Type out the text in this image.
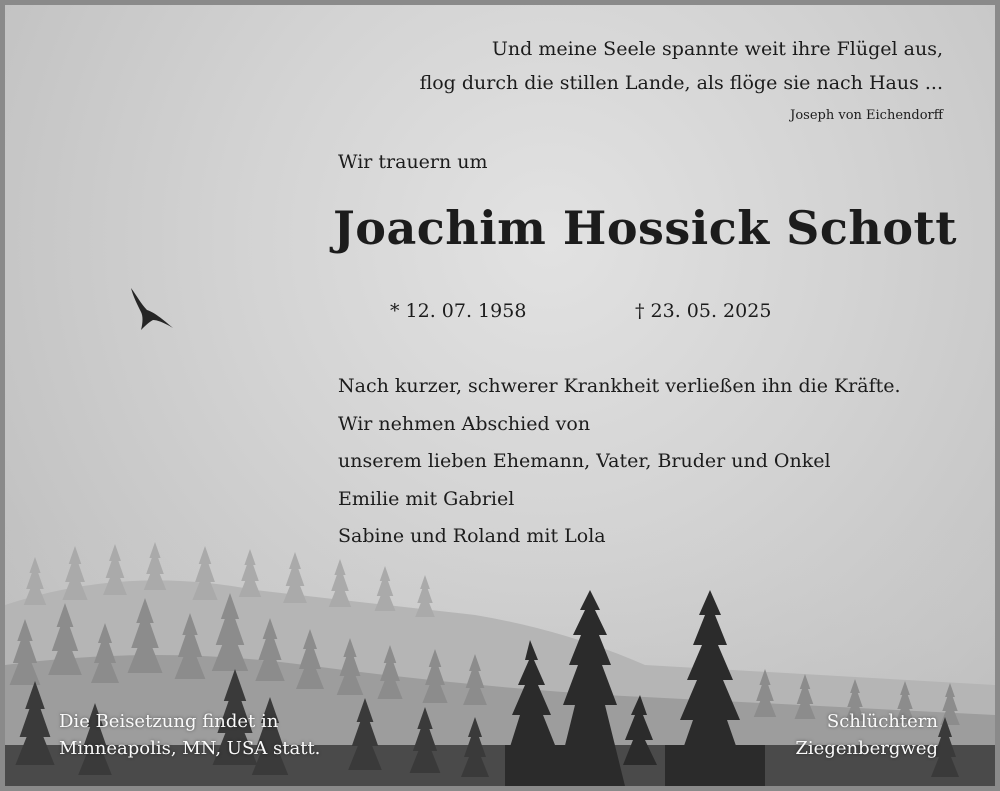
Und meine Seele spannte weit ihre Flügel aus,
flog durch die stillen Lande, als flöge sie nach Haus ...
Joseph von Eichendorff
Wir trauern um
Joachim Hossick Schott
* 12. 07. 1958	† 23. 05. 2025
Nach kurzer, schwerer Krankheit verließen ihn die Kräfte.
Wir nehmen Abschied von
unserem lieben Ehemann, Vater, Bruder und Onkel
Emilie mit Gabriel
Sabine und Roland mit Lola
Die Beisetzung findet in
Minneapolis, MN, USA statt.
Schlüchtern
Ziegenbergweg
